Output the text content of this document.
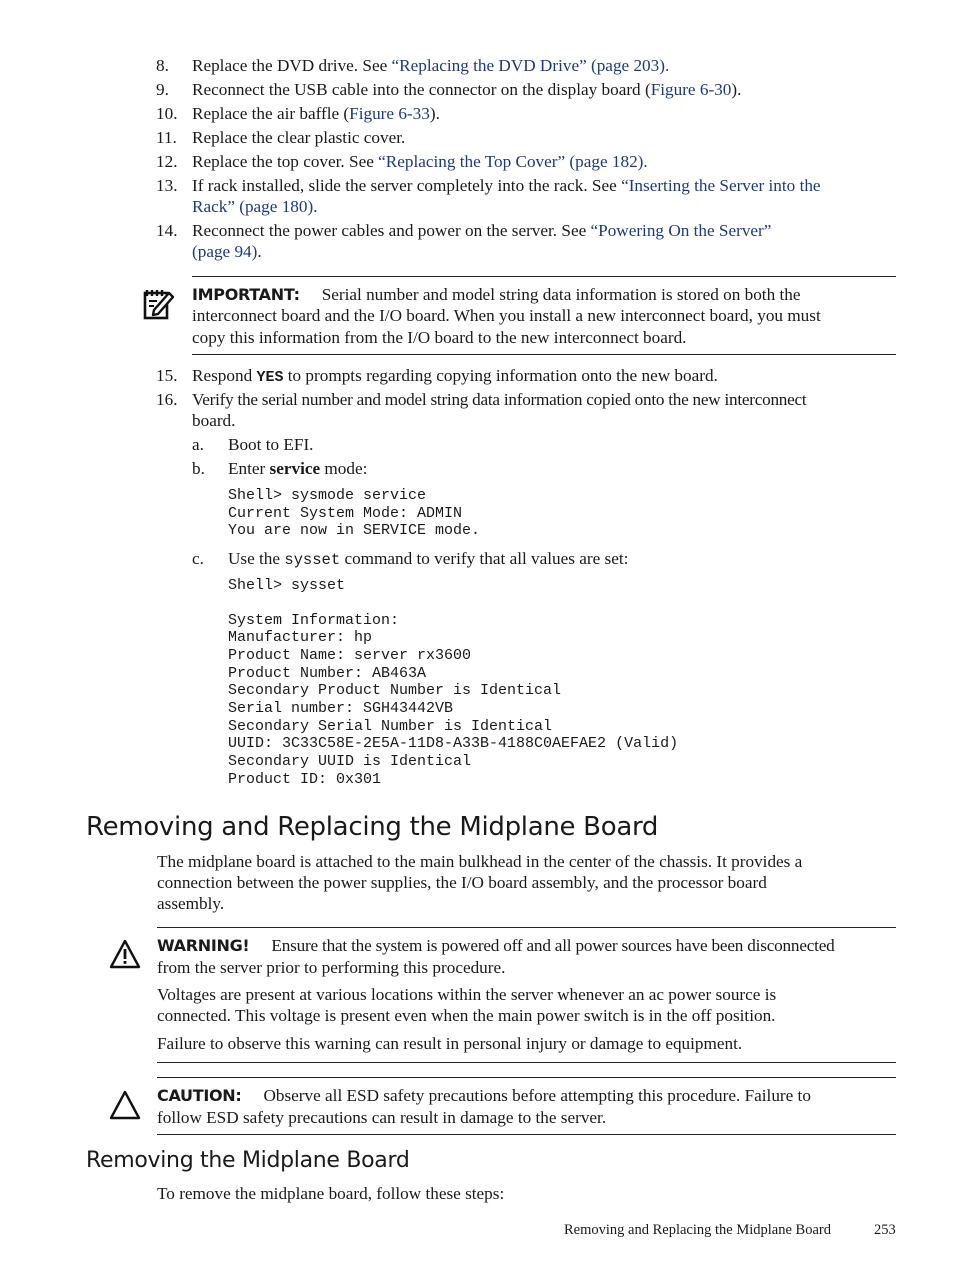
8. Replace the DVD drive. See “Replacing the DVD Drive” (page 203).
9. Reconnect the USB cable into the connector on the display board (Figure 6-30).
10. Replace the air baffle (Figure 6-33).
11. Replace the clear plastic cover.
12. Replace the top cover. See “Replacing the Top Cover” (page 182).
13. If rack installed, slide the server completely into the rack. See “Inserting the Server into the
Rack” (page 180).
14. Reconnect the power cables and power on the server. See “Powering On the Server”
(page 94).
IMPORTANT: Serial number and model string data information is stored on both the
interconnect board and the I/O board. When you install a new interconnect board, you must
copy this information from the I/O board to the new interconnect board.
15. Respond YES to prompts regarding copying information onto the new board.
16. Verify the serial number and model string data information copied onto the new interconnect
board.
a. Boot to EFI.
b. Enter service mode:
Shell> sysmode service
Current System Mode: ADMIN
You are now in SERVICE mode.
c. Use the sysset command to verify that all values are set:
Shell> sysset
System Information:
Manufacturer: hp
Product Name: server rx3600
Product Number: AB463A
Secondary Product Number is Identical
Serial number: SGH43442VB
Secondary Serial Number is Identical
UUID: 3C33C58E-2E5A-11D8-A33B-4188C0AEFAE2 (Valid)
Secondary UUID is Identical
Product ID: 0x301
Removing and Replacing the Midplane Board
The midplane board is attached to the main bulkhead in the center of the chassis. It provides a
connection between the power supplies, the I/O board assembly, and the processor board
assembly.
WARNING! Ensure that the system is powered off and all power sources have been disconnected
from the server prior to performing this procedure.
Voltages are present at various locations within the server whenever an ac power source is
connected. This voltage is present even when the main power switch is in the off position.
Failure to observe this warning can result in personal injury or damage to equipment.
CAUTION: Observe all ESD safety precautions before attempting this procedure. Failure to
follow ESD safety precautions can result in damage to the server.
Removing the Midplane Board
To remove the midplane board, follow these steps:
Removing and Replacing the Midplane Board	253
